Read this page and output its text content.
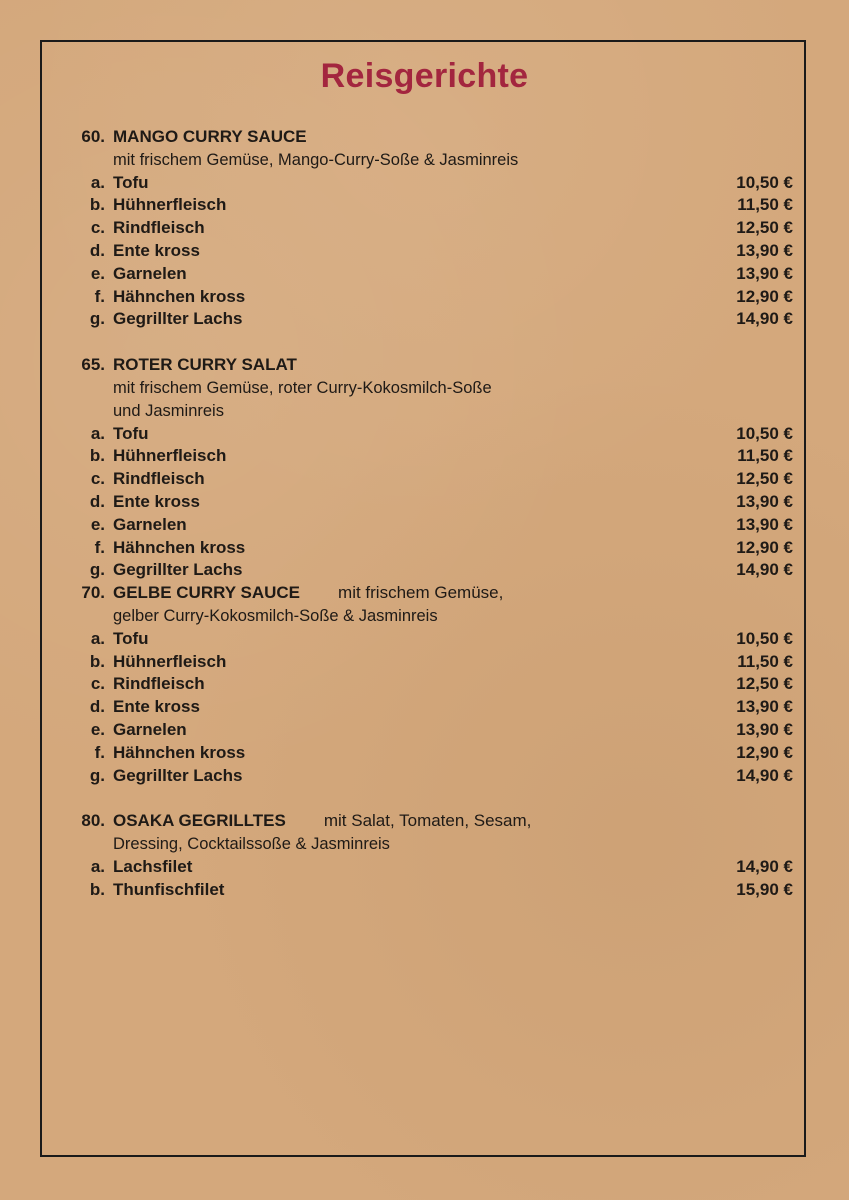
Reisgerichte
60. MANGO CURRY SAUCE
mit frischem Gemüse, Mango-Curry-Soße & Jasminreis
a. Tofu	10,50 €
b. Hühnerfleisch	11,50 €
c. Rindfleisch	12,50 €
d. Ente kross	13,90 €
e. Garnelen	13,90 €
f. Hähnchen kross	12,90 €
g. Gegrillter Lachs	14,90 €
65. ROTER CURRY SALAT
mit frischem Gemüse, roter Curry-Kokosmilch-Soße
und Jasminreis
a. Tofu	10,50 €
b. Hühnerfleisch	11,50 €
c. Rindfleisch	12,50 €
d. Ente kross	13,90 €
e. Garnelen	13,90 €
f. Hähnchen kross	12,90 €
g. Gegrillter Lachs	14,90 €
70. GELBE CURRY SAUCE mit frischem Gemüse,
gelber Curry-Kokosmilch-Soße & Jasminreis
a. Tofu	10,50 €
b. Hühnerfleisch	11,50 €
c. Rindfleisch	12,50 €
d. Ente kross	13,90 €
e. Garnelen	13,90 €
f. Hähnchen kross	12,90 €
g. Gegrillter Lachs	14,90 €
80. OSAKA GEGRILLTES mit Salat, Tomaten, Sesam,
Dressing, Cocktailssoße & Jasminreis
a. Lachsfilet	14,90 €
b. Thunfischfilet	15,90 €
